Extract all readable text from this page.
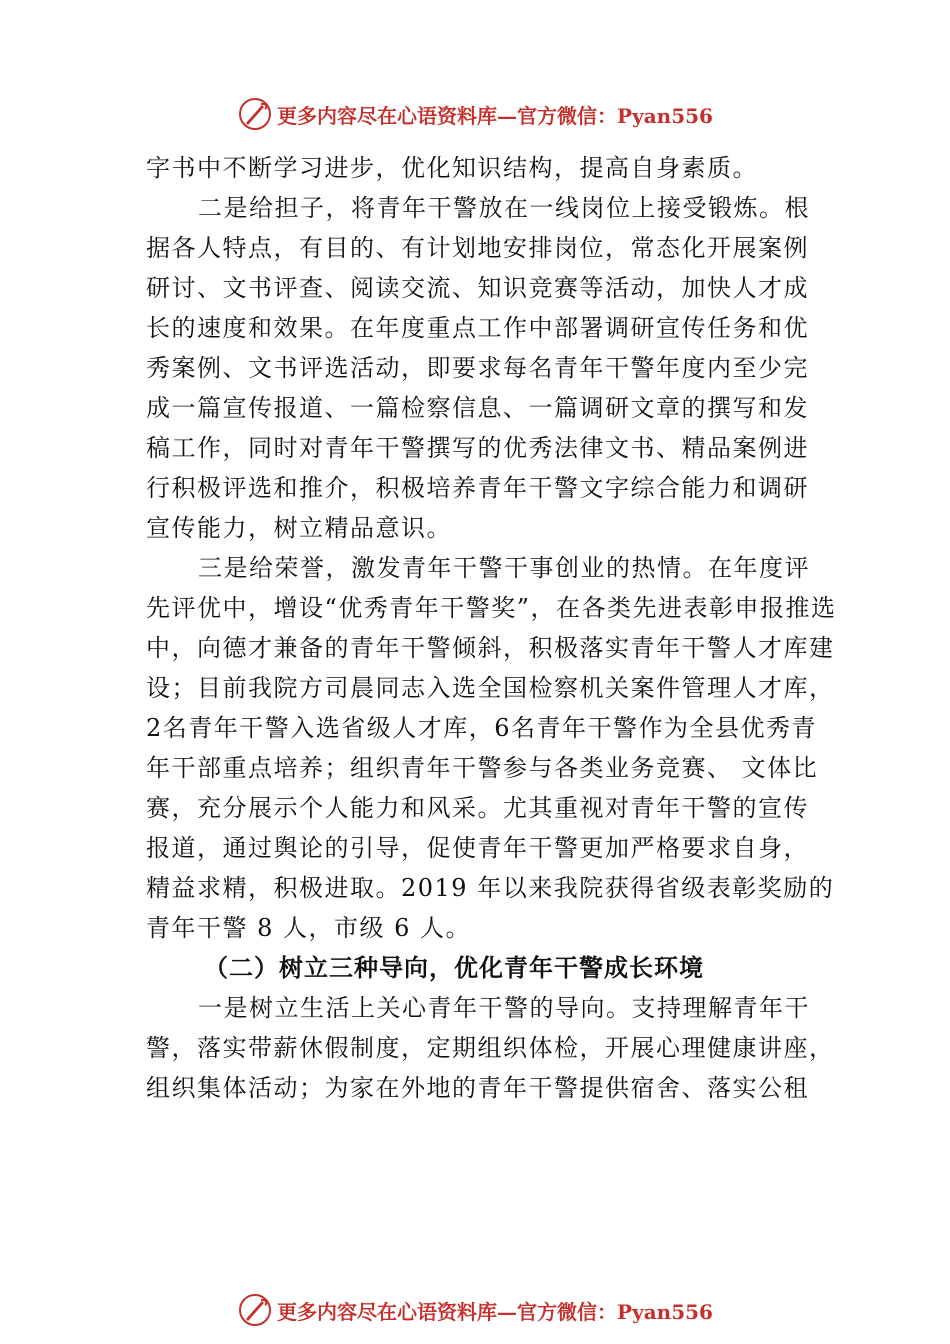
更多内容尽在心语资料库—官方微信：Pyan556
字书中不断学习进步，优化知识结构，提高自身素质。
二是给担子，将青年干警放在一线岗位上接受锻炼。根
据各人特点，有目的、有计划地安排岗位，常态化开展案例
研讨、文书评查、阅读交流、知识竞赛等活动，加快人才成
长的速度和效果。在年度重点工作中部署调研宣传任务和优
秀案例、文书评选活动，即要求每名青年干警年度内至少完
成一篇宣传报道、一篇检察信息、一篇调研文章的撰写和发
稿工作，同时对青年干警撰写的优秀法律文书、精品案例进
行积极评选和推介，积极培养青年干警文字综合能力和调研
宣传能力，树立精品意识。
三是给荣誉，激发青年干警干事创业的热情。在年度评
先评优中，增设“优秀青年干警奖”，在各类先进表彰申报推选
中，向德才兼备的青年干警倾斜，积极落实青年干警人才库建
设；目前我院方司晨同志入选全国检察机关案件管理人才库，
2名青年干警入选省级人才库，6名青年干警作为全县优秀青
年干部重点培养；组织青年干警参与各类业务竞赛、 文体比
赛，充分展示个人能力和风采。尤其重视对青年干警的宣传
报道，通过舆论的引导，促使青年干警更加严格要求自身，
精益求精，积极进取。2019 年以来我院获得省级表彰奖励的
青年干警 8 人，市级 6 人。
（二）树立三种导向，优化青年干警成长环境
一是树立生活上关心青年干警的导向。支持理解青年干
警，落实带薪休假制度，定期组织体检，开展心理健康讲座，
组织集体活动；为家在外地的青年干警提供宿舍、落实公租
更多内容尽在心语资料库—官方微信：Pyan556
